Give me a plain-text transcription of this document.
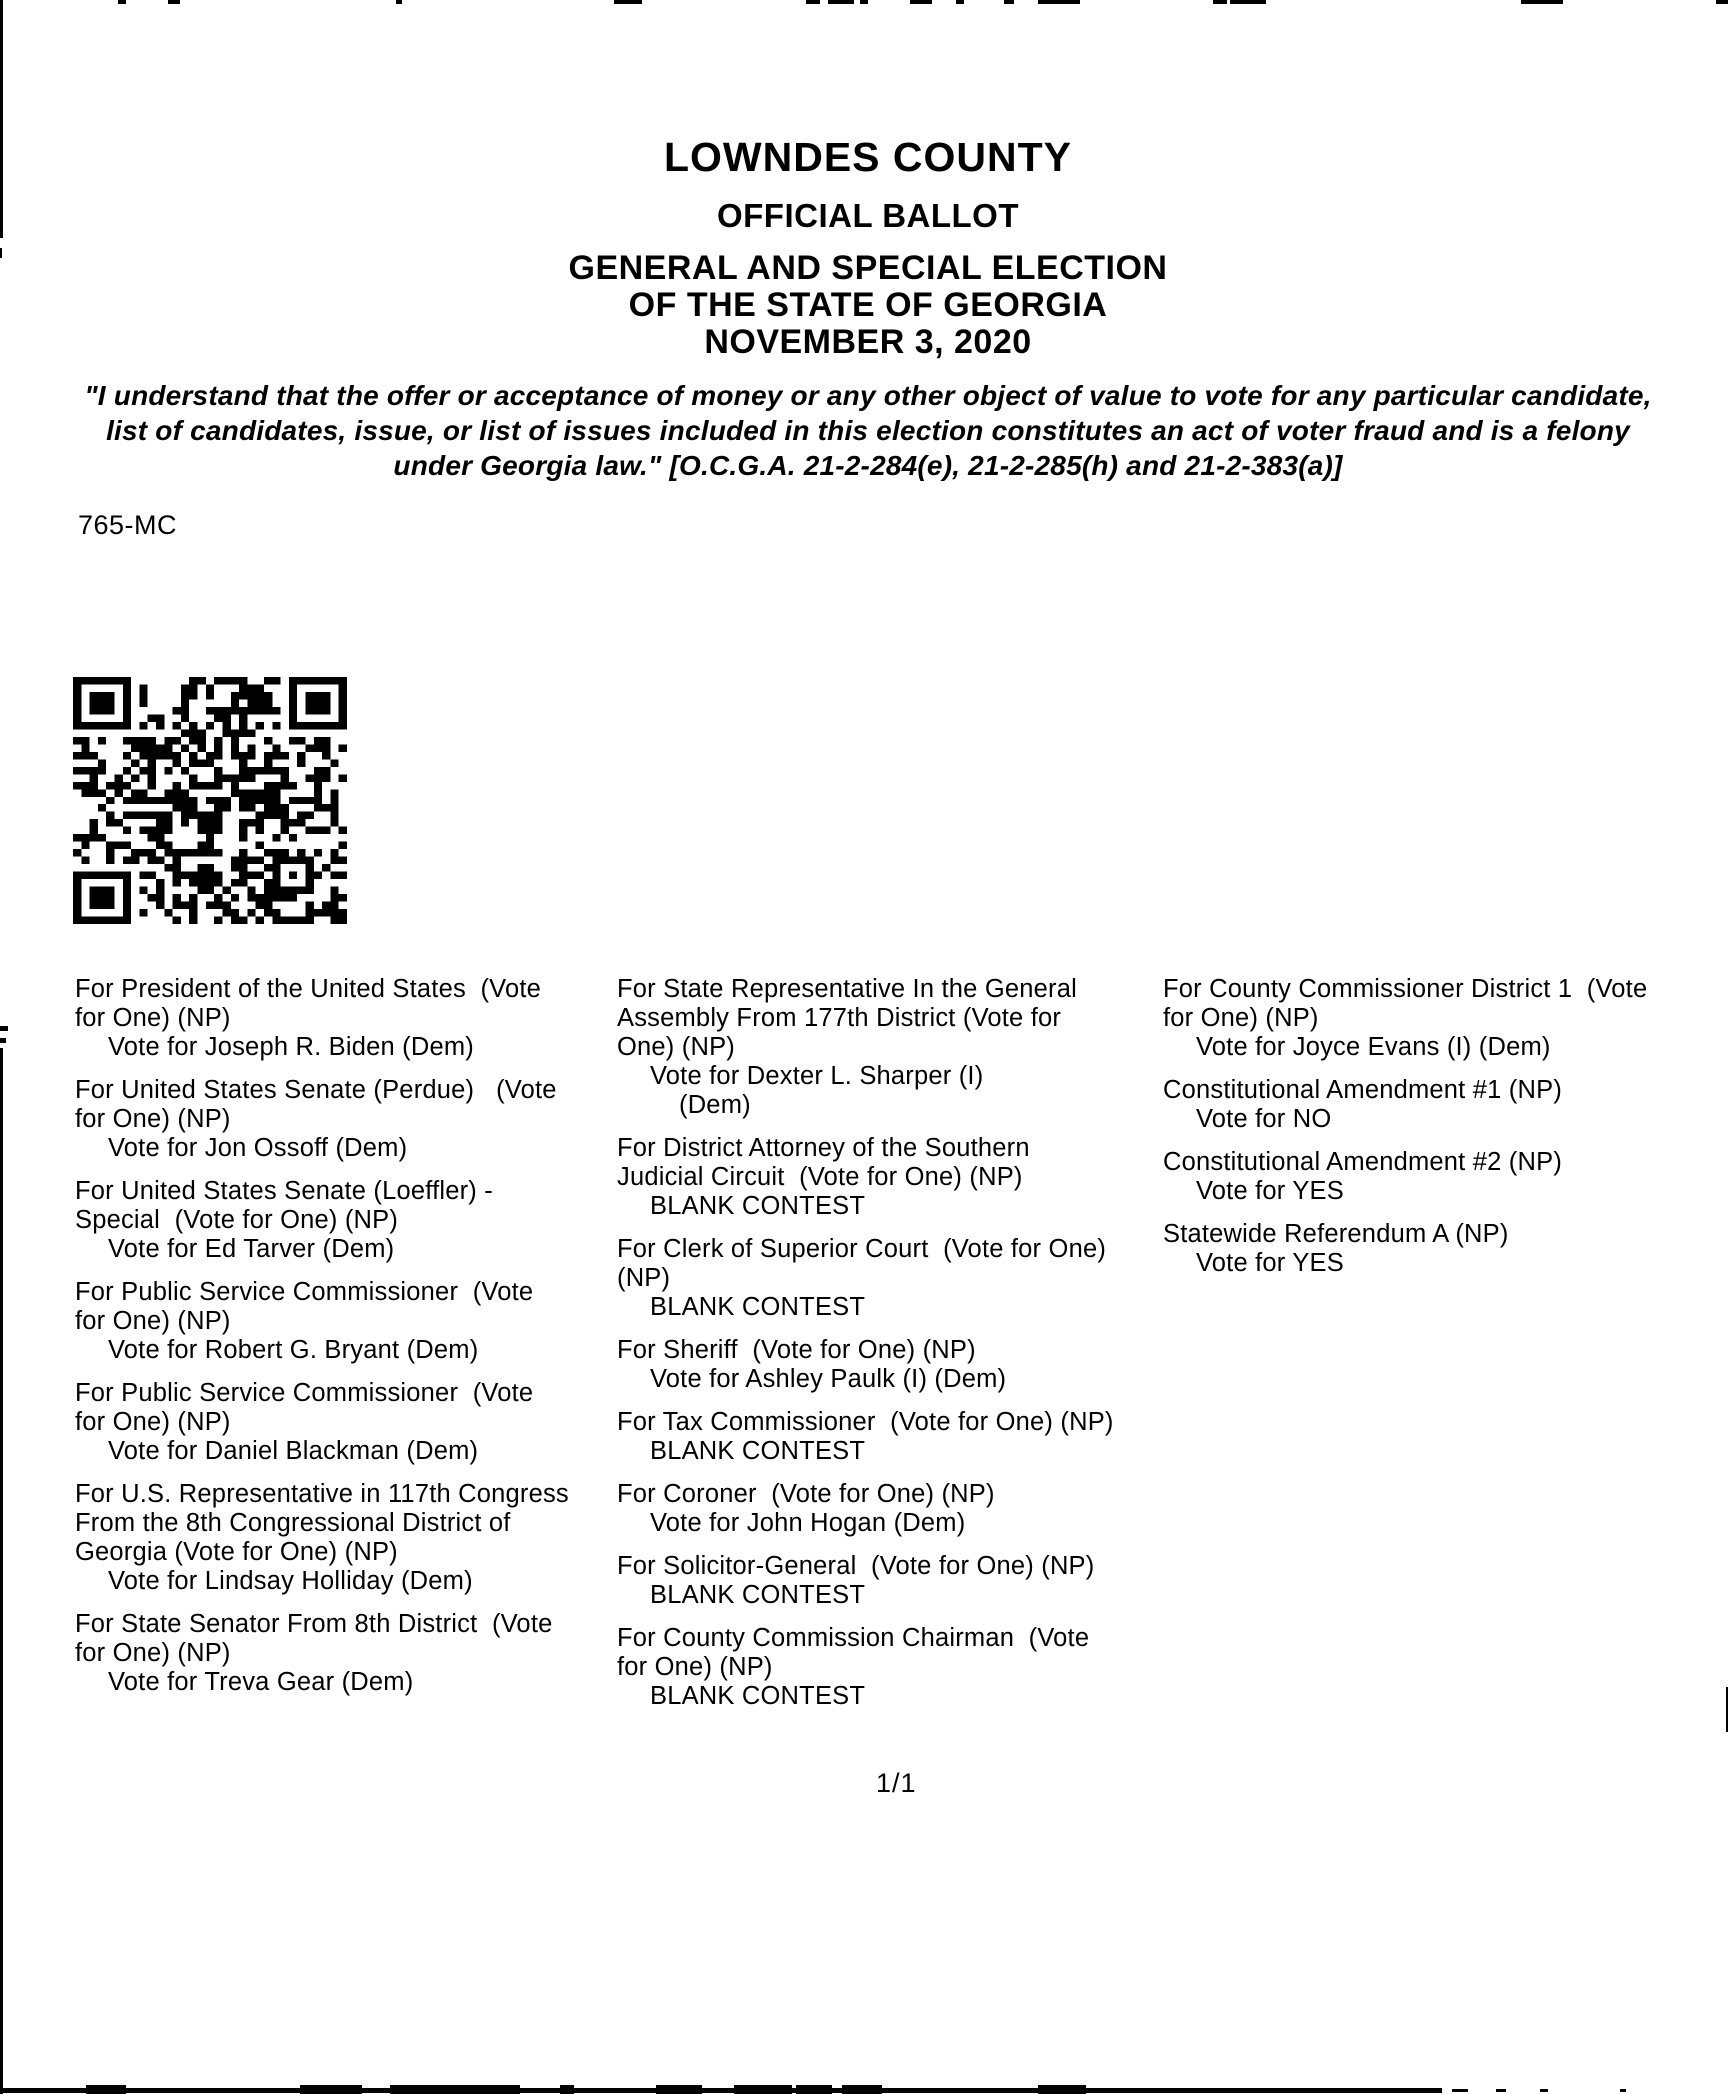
LOWNDES COUNTY
OFFICIAL BALLOT
GENERAL AND SPECIAL ELECTION
OF THE STATE OF GEORGIA
NOVEMBER 3, 2020
"I understand that the offer or acceptance of money or any other object of value to vote for any particular candidate,
list of candidates, issue, or list of issues included in this election constitutes an act of voter fraud and is a felony
under Georgia law." [O.C.G.A. 21-2-284(e), 21-2-285(h) and 21-2-383(a)]
765-MC
For President of the United States  (Vote
for One) (NP)
Vote for Joseph R. Biden (Dem)
For United States Senate (Perdue)   (Vote
for One) (NP)
Vote for Jon Ossoff (Dem)
For United States Senate (Loeffler) -
Special  (Vote for One) (NP)
Vote for Ed Tarver (Dem)
For Public Service Commissioner  (Vote
for One) (NP)
Vote for Robert G. Bryant (Dem)
For Public Service Commissioner  (Vote
for One) (NP)
Vote for Daniel Blackman (Dem)
For U.S. Representative in 117th Congress
From the 8th Congressional District of
Georgia (Vote for One) (NP)
Vote for Lindsay Holliday (Dem)
For State Senator From 8th District  (Vote
for One) (NP)
Vote for Treva Gear (Dem)
For State Representative In the General
Assembly From 177th District (Vote for
One) (NP)
Vote for Dexter L. Sharper (I)
(Dem)
For District Attorney of the Southern
Judicial Circuit  (Vote for One) (NP)
BLANK CONTEST
For Clerk of Superior Court  (Vote for One)
(NP)
BLANK CONTEST
For Sheriff  (Vote for One) (NP)
Vote for Ashley Paulk (I) (Dem)
For Tax Commissioner  (Vote for One) (NP)
BLANK CONTEST
For Coroner  (Vote for One) (NP)
Vote for John Hogan (Dem)
For Solicitor-General  (Vote for One) (NP)
BLANK CONTEST
For County Commission Chairman  (Vote
for One) (NP)
BLANK CONTEST
For County Commissioner District 1  (Vote
for One) (NP)
Vote for Joyce Evans (I) (Dem)
Constitutional Amendment #1 (NP)
Vote for NO
Constitutional Amendment #2 (NP)
Vote for YES
Statewide Referendum A (NP)
Vote for YES
1/1
